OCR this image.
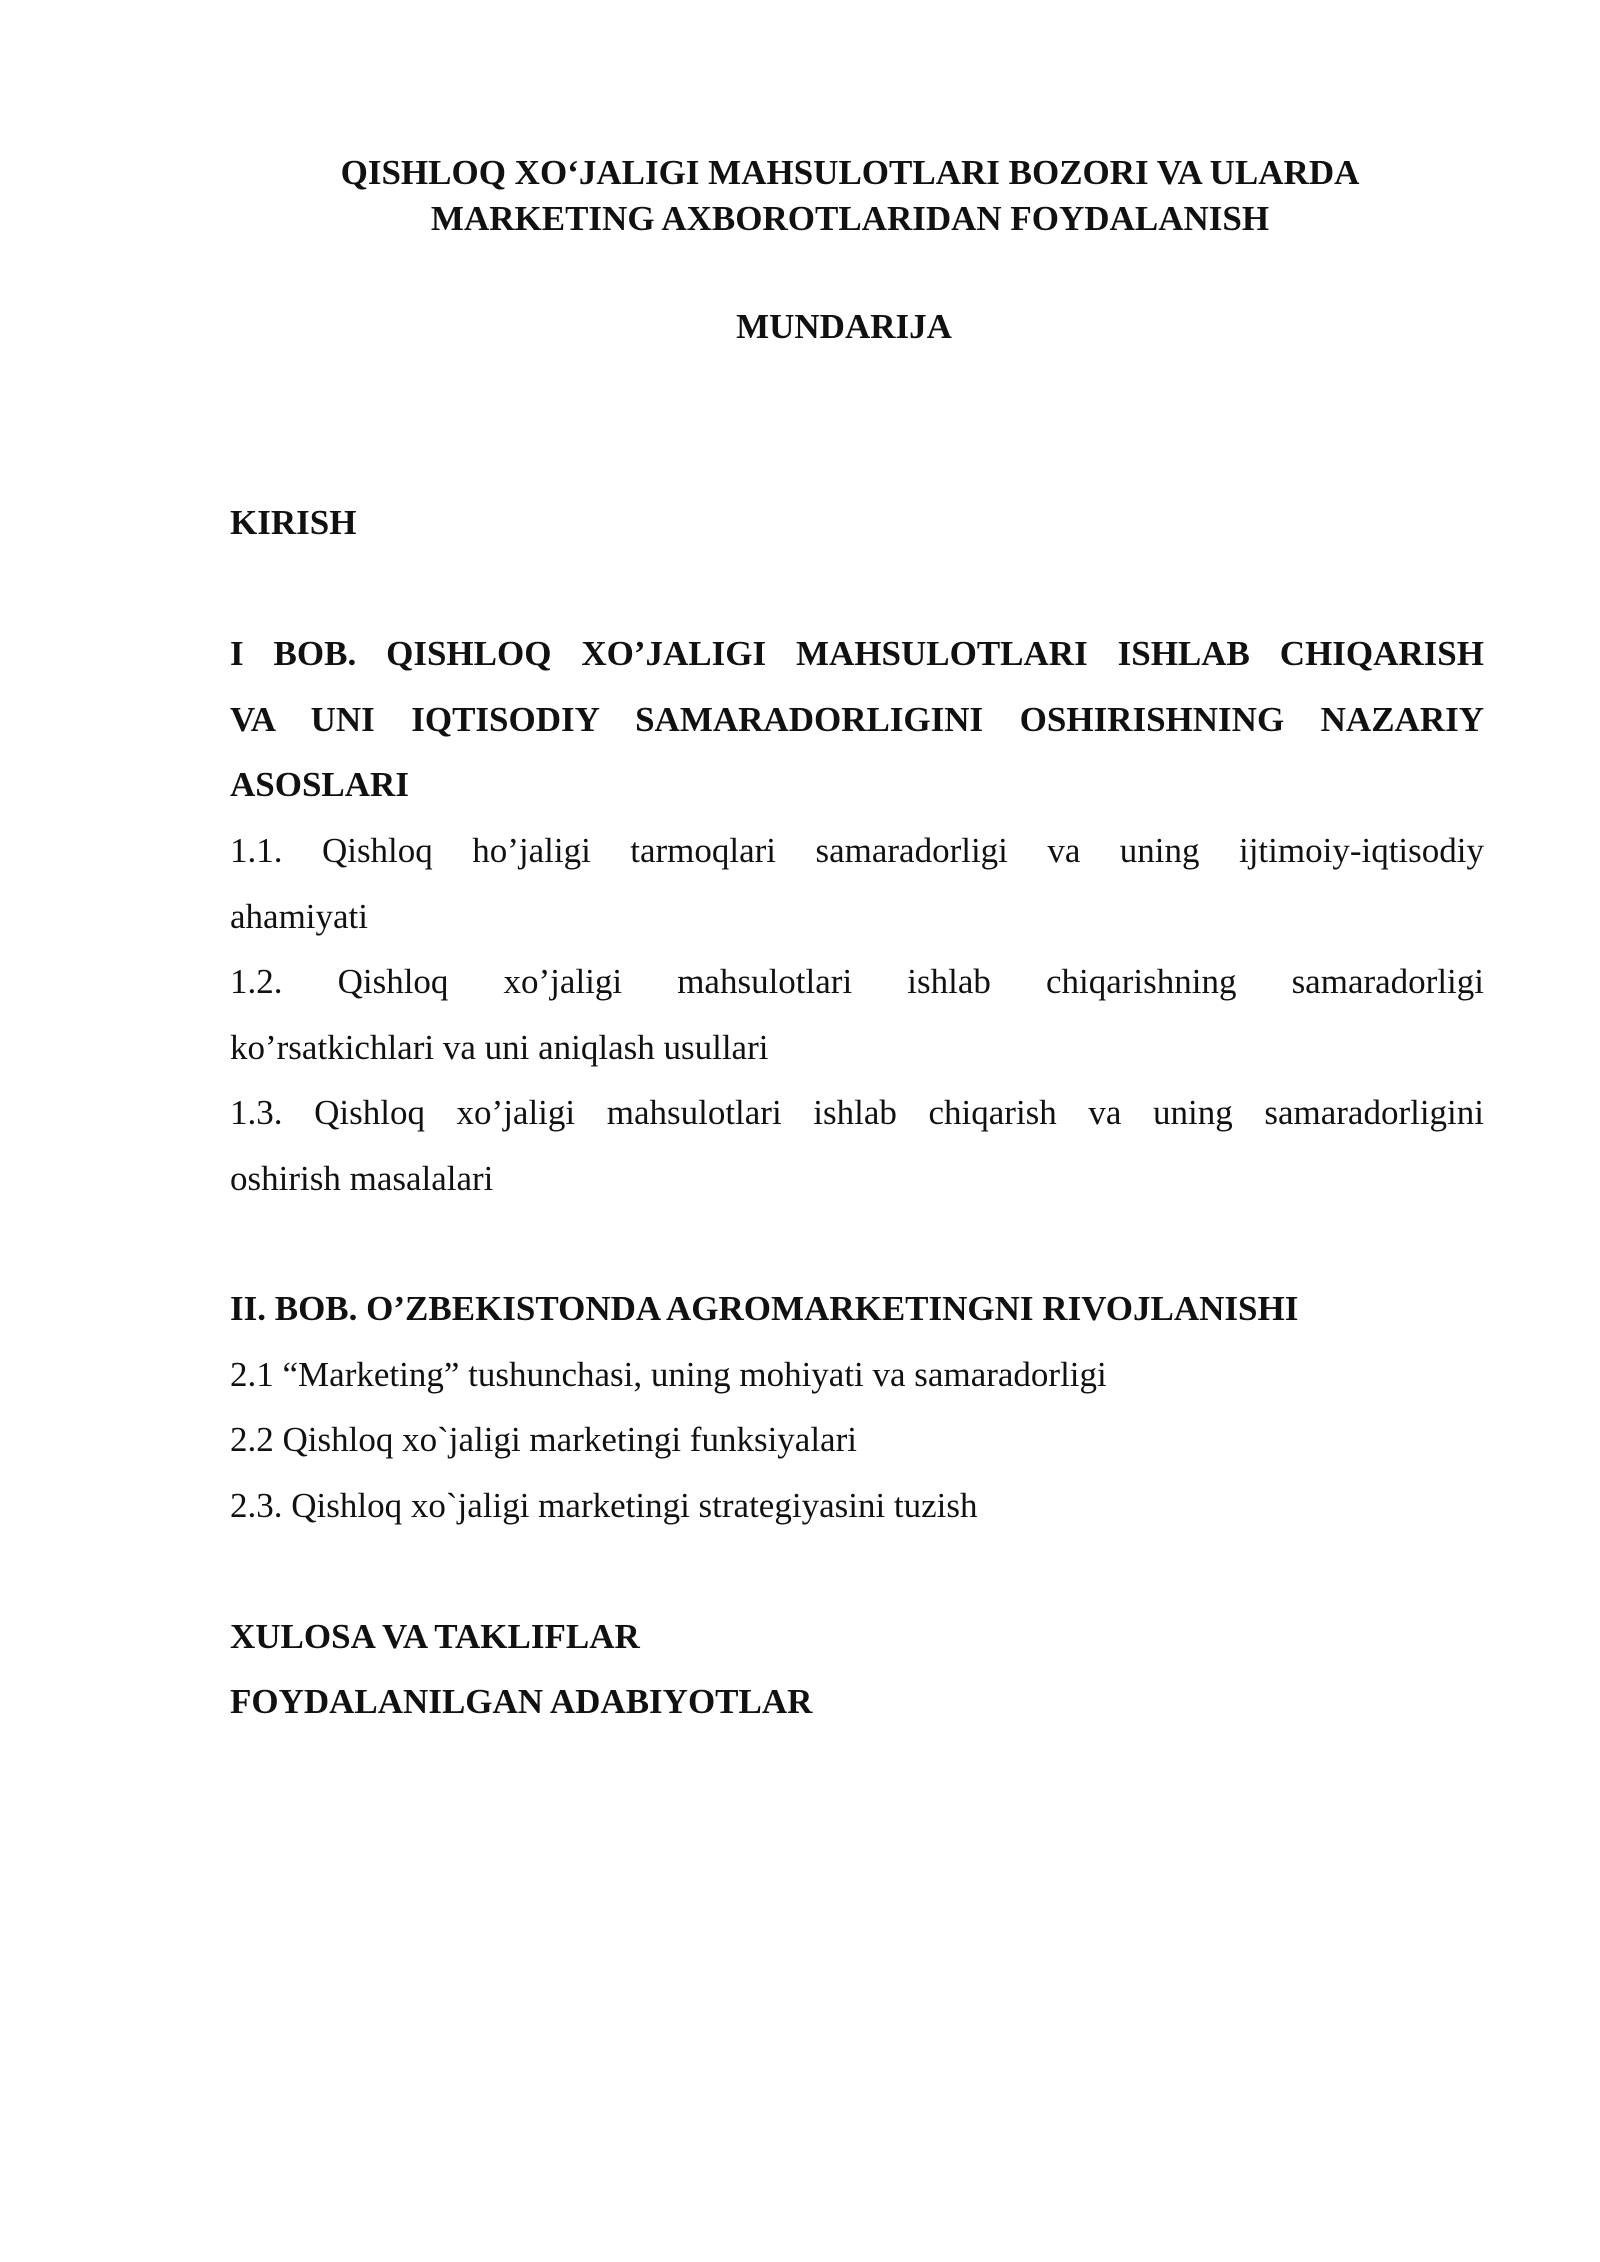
QISHLOQ XO‘JALIGI MAHSULOTLARI BOZORI VA ULARDA
MARKETING AXBOROTLARIDAN FOYDALANISH
MUNDARIJA
KIRISH
I BOB. QISHLOQ XO’JALIGI MAHSULOTLARI ISHLAB CHIQARISH
VA UNI IQTISODIY SAMARADORLIGINI OSHIRISHNING NAZARIY
ASOSLARI
1.1. Qishloq ho’jaligi tarmoqlari samaradorligi va uning ijtimoiy-iqtisodiy
ahamiyati
1.2. Qishloq xo’jaligi mahsulotlari ishlab chiqarishning samaradorligi
ko’rsatkichlari va uni aniqlash usullari
1.3. Qishloq xo’jaligi mahsulotlari ishlab chiqarish va uning samaradorligini
oshirish masalalari
II. BOB. O’ZBEKISTONDA AGROMARKETINGNI RIVOJLANISHI
2.1 “Marketing” tushunchasi, uning mohiyati va samaradorligi
2.2 Qishloq xo`jaligi marketingi funksiyalari
2.3. Qishloq xo`jaligi marketingi strategiyasini tuzish
XULOSA VA TAKLIFLAR
FOYDALANILGAN ADABIYOTLAR
